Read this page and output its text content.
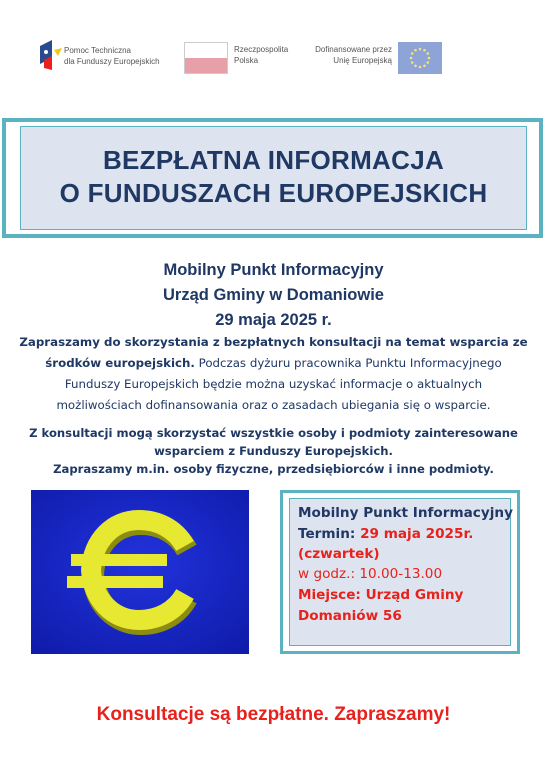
Pomoc Techniczna
dla Funduszy Europejskich
Rzeczpospolita
Polska
Dofinansowane przez
Unię Europejską
BEZPŁATNA INFORMACJA
O FUNDUSZACH EUROPEJSKICH
Mobilny Punkt Informacyjny
Urząd Gminy w Domaniowie
29 maja 2025 r.
Zapraszamy do skorzystania z bezpłatnych konsultacji na temat wsparcia ze
środków europejskich. Podczas dyżuru pracownika Punktu Informacyjnego
Funduszy Europejskich będzie można uzyskać informacje o aktualnych
możliwościach dofinansowania oraz o zasadach ubiegania się o wsparcie.
Z konsultacji mogą skorzystać wszystkie osoby i podmioty zainteresowane
wsparciem z Funduszy Europejskich.
Zapraszamy m.in. osoby fizyczne, przedsiębiorców i inne podmioty.
Mobilny Punkt Informacyjny
Termin: 29 maja 2025r.
(czwartek)
w godz.: 10.00-13.00
Miejsce: Urząd Gminy
Domaniów 56
Konsultacje są bezpłatne. Zapraszamy!
